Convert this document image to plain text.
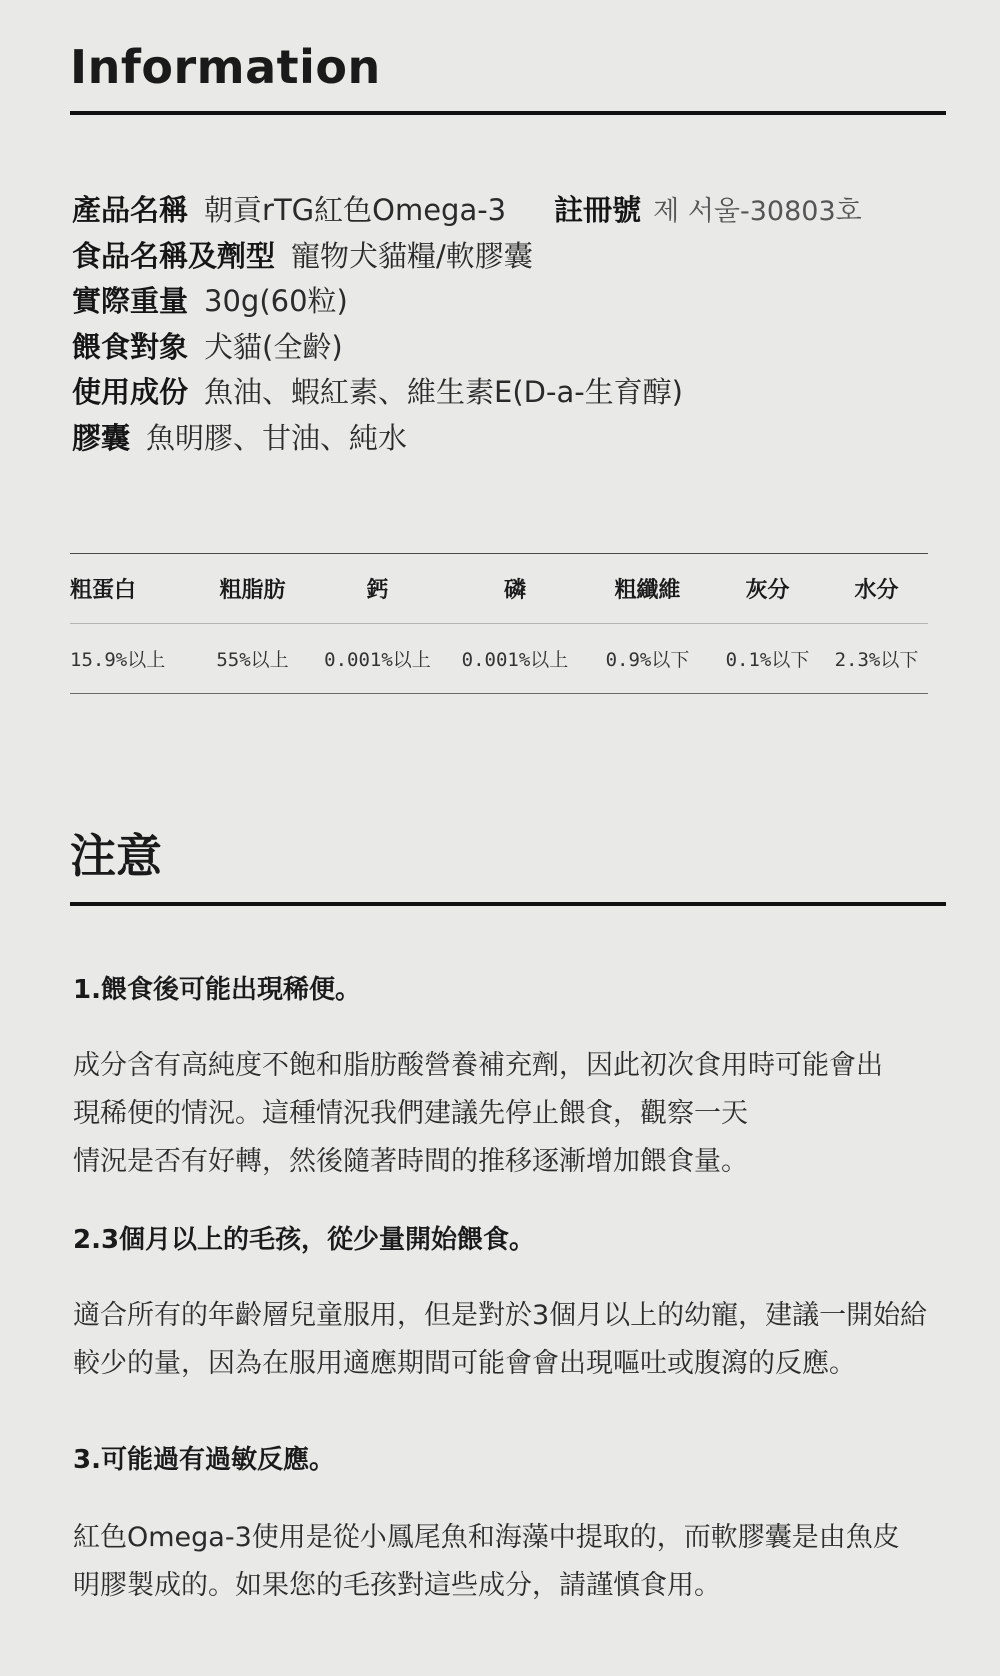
Information
產品名稱 朝貢rTG紅色Omega-3 註冊號 제 서울-30803호
食品名稱及劑型 寵物犬貓糧/軟膠囊
實際重量 30g(60粒)
餵食對象 犬貓(全齡)
使用成份 魚油、蝦紅素、維生素E(D-a-生育醇)
膠囊 魚明膠、甘油、純水
粗蛋白	粗脂肪	鈣	磷	粗纖維	灰分	水分
15.9%以上	55%以上	0.001%以上	0.001%以上	0.9%以下	0.1%以下	2.3%以下
注意
1.餵食後可能出現稀便。

成分含有高純度不飽和脂肪酸營養補充劑，因此初次食用時可能會出
現稀便的情況。這種情況我們建議先停止餵食，觀察一天
情況是否有好轉，然後隨著時間的推移逐漸增加餵食量。

2.3個月以上的毛孩，從少量開始餵食。

適合所有的年齡層兒童服用，但是對於3個月以上的幼寵，建議一開始給
較少的量，因為在服用適應期間可能會會出現嘔吐或腹瀉的反應。

3.可能過有過敏反應。

紅色Omega-3使用是從小鳳尾魚和海藻中提取的，而軟膠囊是由魚皮
明膠製成的。如果您的毛孩對這些成分，請謹慎食用。
